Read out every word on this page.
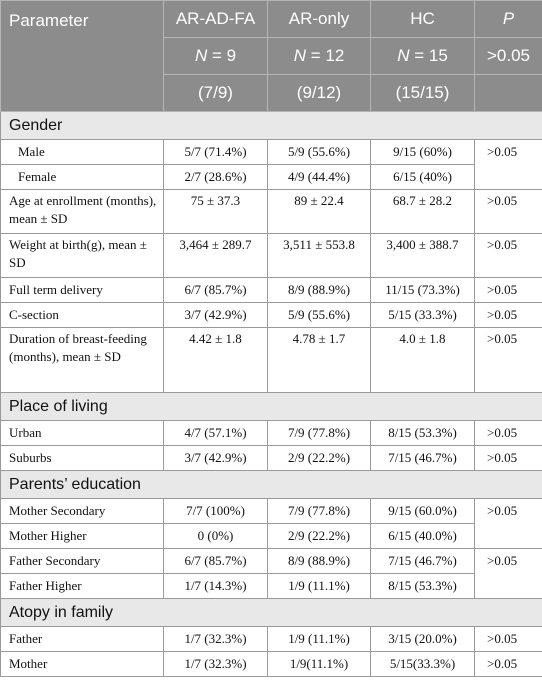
Parameter	AR-AD-FA	AR-only	HC	P
	N = 9	N = 12	N = 15	>0.05
	(7/9)	(9/12)	(15/15)	
Gender				
Male	5/7 (71.4%)	5/9 (55.6%)	9/15 (60%)	>0.05
Female	2/7 (28.6%)	4/9 (44.4%)	6/15 (40%)	
Age at enrollment (months), mean ± SD	75 ± 37.3	89 ± 22.4	68.7 ± 28.2	>0.05
Weight at birth(g), mean ± SD	3,464 ± 289.7	3,511 ± 553.8	3,400 ± 388.7	>0.05
Full term delivery	6/7 (85.7%)	8/9 (88.9%)	11/15 (73.3%)	>0.05
C-section	3/7 (42.9%)	5/9 (55.6%)	5/15 (33.3%)	>0.05
Duration of breast-feeding (months), mean ± SD	4.42 ± 1.8	4.78 ± 1.7	4.0 ± 1.8	>0.05
Place of living				
Urban	4/7 (57.1%)	7/9 (77.8%)	8/15 (53.3%)	>0.05
Suburbs	3/7 (42.9%)	2/9 (22.2%)	7/15 (46.7%)	>0.05
Parents’ education				
Mother Secondary	7/7 (100%)	7/9 (77.8%)	9/15 (60.0%)	>0.05
Mother Higher	0 (0%)	2/9 (22.2%)	6/15 (40.0%)	
Father Secondary	6/7 (85.7%)	8/9 (88.9%)	7/15 (46.7%)	>0.05
Father Higher	1/7 (14.3%)	1/9 (11.1%)	8/15 (53.3%)	
Atopy in family				
Father	1/7 (32.3%)	1/9 (11.1%)	3/15 (20.0%)	>0.05
Mother	1/7 (32.3%)	1/9(11.1%)	5/15(33.3%)	>0.05
